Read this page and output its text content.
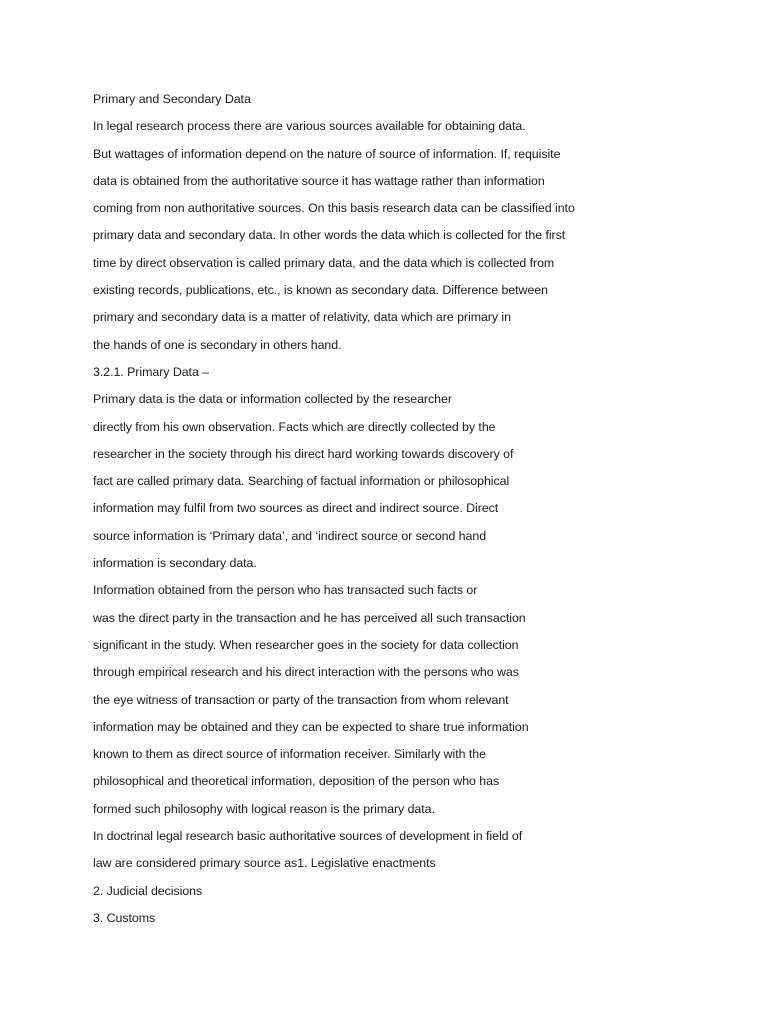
Primary and Secondary Data
In legal research process there are various sources available for obtaining data.
But wattages of information depend on the nature of source of information. If, requisite
data is obtained from the authoritative source it has wattage rather than information
coming from non authoritative sources. On this basis research data can be classified into
primary data and secondary data. In other words the data which is collected for the first
time by direct observation is called primary data, and the data which is collected from
existing records, publications, etc., is known as secondary data. Difference between
primary and secondary data is a matter of relativity, data which are primary in
the hands of one is secondary in others hand.
3.2.1. Primary Data –
Primary data is the data or information collected by the researcher
directly from his own observation. Facts which are directly collected by the
researcher in the society through his direct hard working towards discovery of
fact are called primary data. Searching of factual information or philosophical
information may fulfil from two sources as direct and indirect source. Direct
source information is ‘Primary data’, and ‘indirect source or second hand
information is secondary data.
Information obtained from the person who has transacted such facts or
was the direct party in the transaction and he has perceived all such transaction
significant in the study. When researcher goes in the society for data collection
through empirical research and his direct interaction with the persons who was
the eye witness of transaction or party of the transaction from whom relevant
information may be obtained and they can be expected to share true information
known to them as direct source of information receiver. Similarly with the
philosophical and theoretical information, deposition of the person who has
formed such philosophy with logical reason is the primary data.
In doctrinal legal research basic authoritative sources of development in field of
law are considered primary source as1. Legislative enactments
2. Judicial decisions
3. Customs
